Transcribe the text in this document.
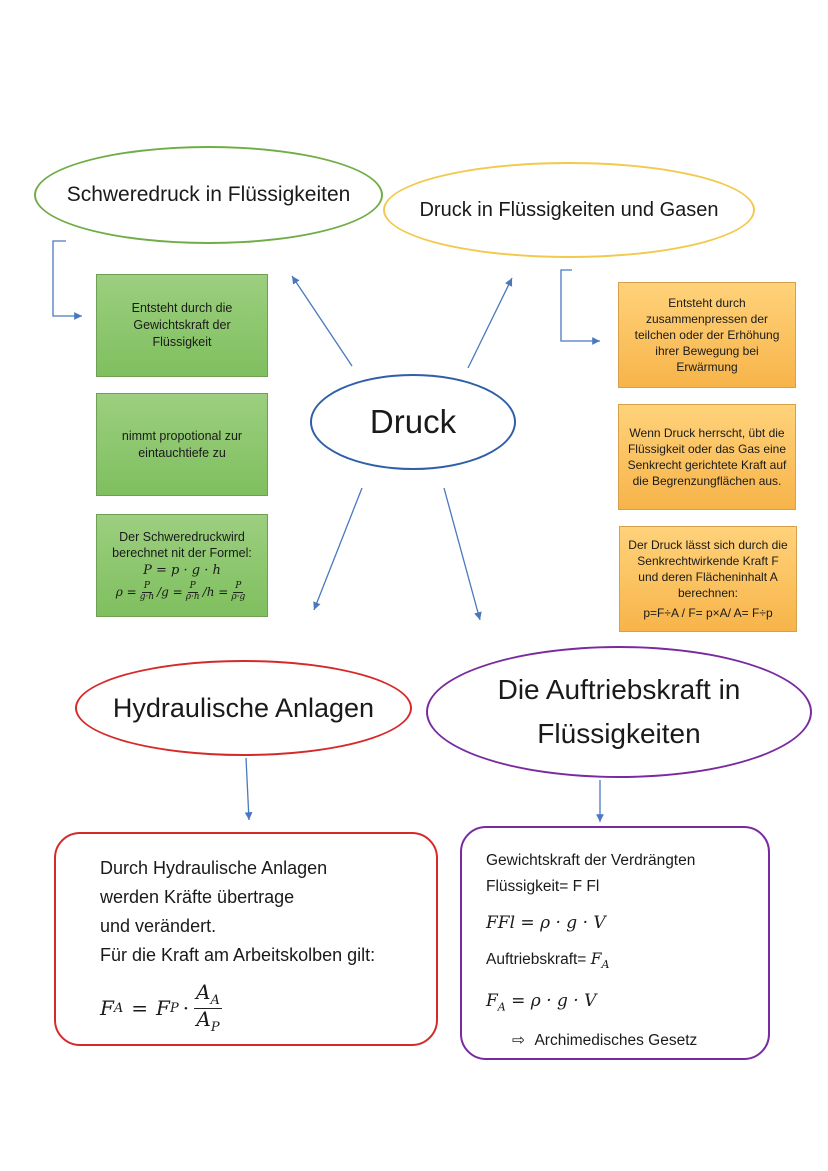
Schweredruck in Flüssigkeiten
Druck in Flüssigkeiten und Gasen
Druck
Hydraulische Anlagen
Die Auftriebskraft in
Flüssigkeiten
Entsteht durch die Gewichtskraft der Flüssigkeit
nimmt propotional zur eintauchtiefe zu
Der Schweredruckwird berechnet nit der Formel:
P = p · g · h
$\rho = \frac{P}{g\cdot h} /g = \frac{P}{\rho\cdot h} /h = \frac{P}{\rho\cdot g}$
Entsteht durch zusammenpressen der teilchen oder der Erhöhung ihrer Bewegung bei Erwärmung
Wenn Druck herrscht, übt die Flüssigkeit oder das Gas eine Senkrecht gerichtete Kraft auf die Begrenzungflächen aus.
Der Druck lässt sich durch die Senkrechtwirkende Kraft F und deren Flächeninhalt A berechnen:
p=F÷A / F= p×A/ A= F÷p
Durch Hydraulische Anlagen
werden Kräfte übertrage
und verändert.
Für die Kraft am Arbeitskolben gilt:
F A = F $P \cdot \frac{A_A}{A_P}$
Gewichtskraft der Verdrängten
Flüssigkeit= F Fl
FFl = ρ · g · V
Auftriebskraft= $F_A$
$F_A = \rho \cdot g \cdot V$
⇨ Archimedisches Gesetz
